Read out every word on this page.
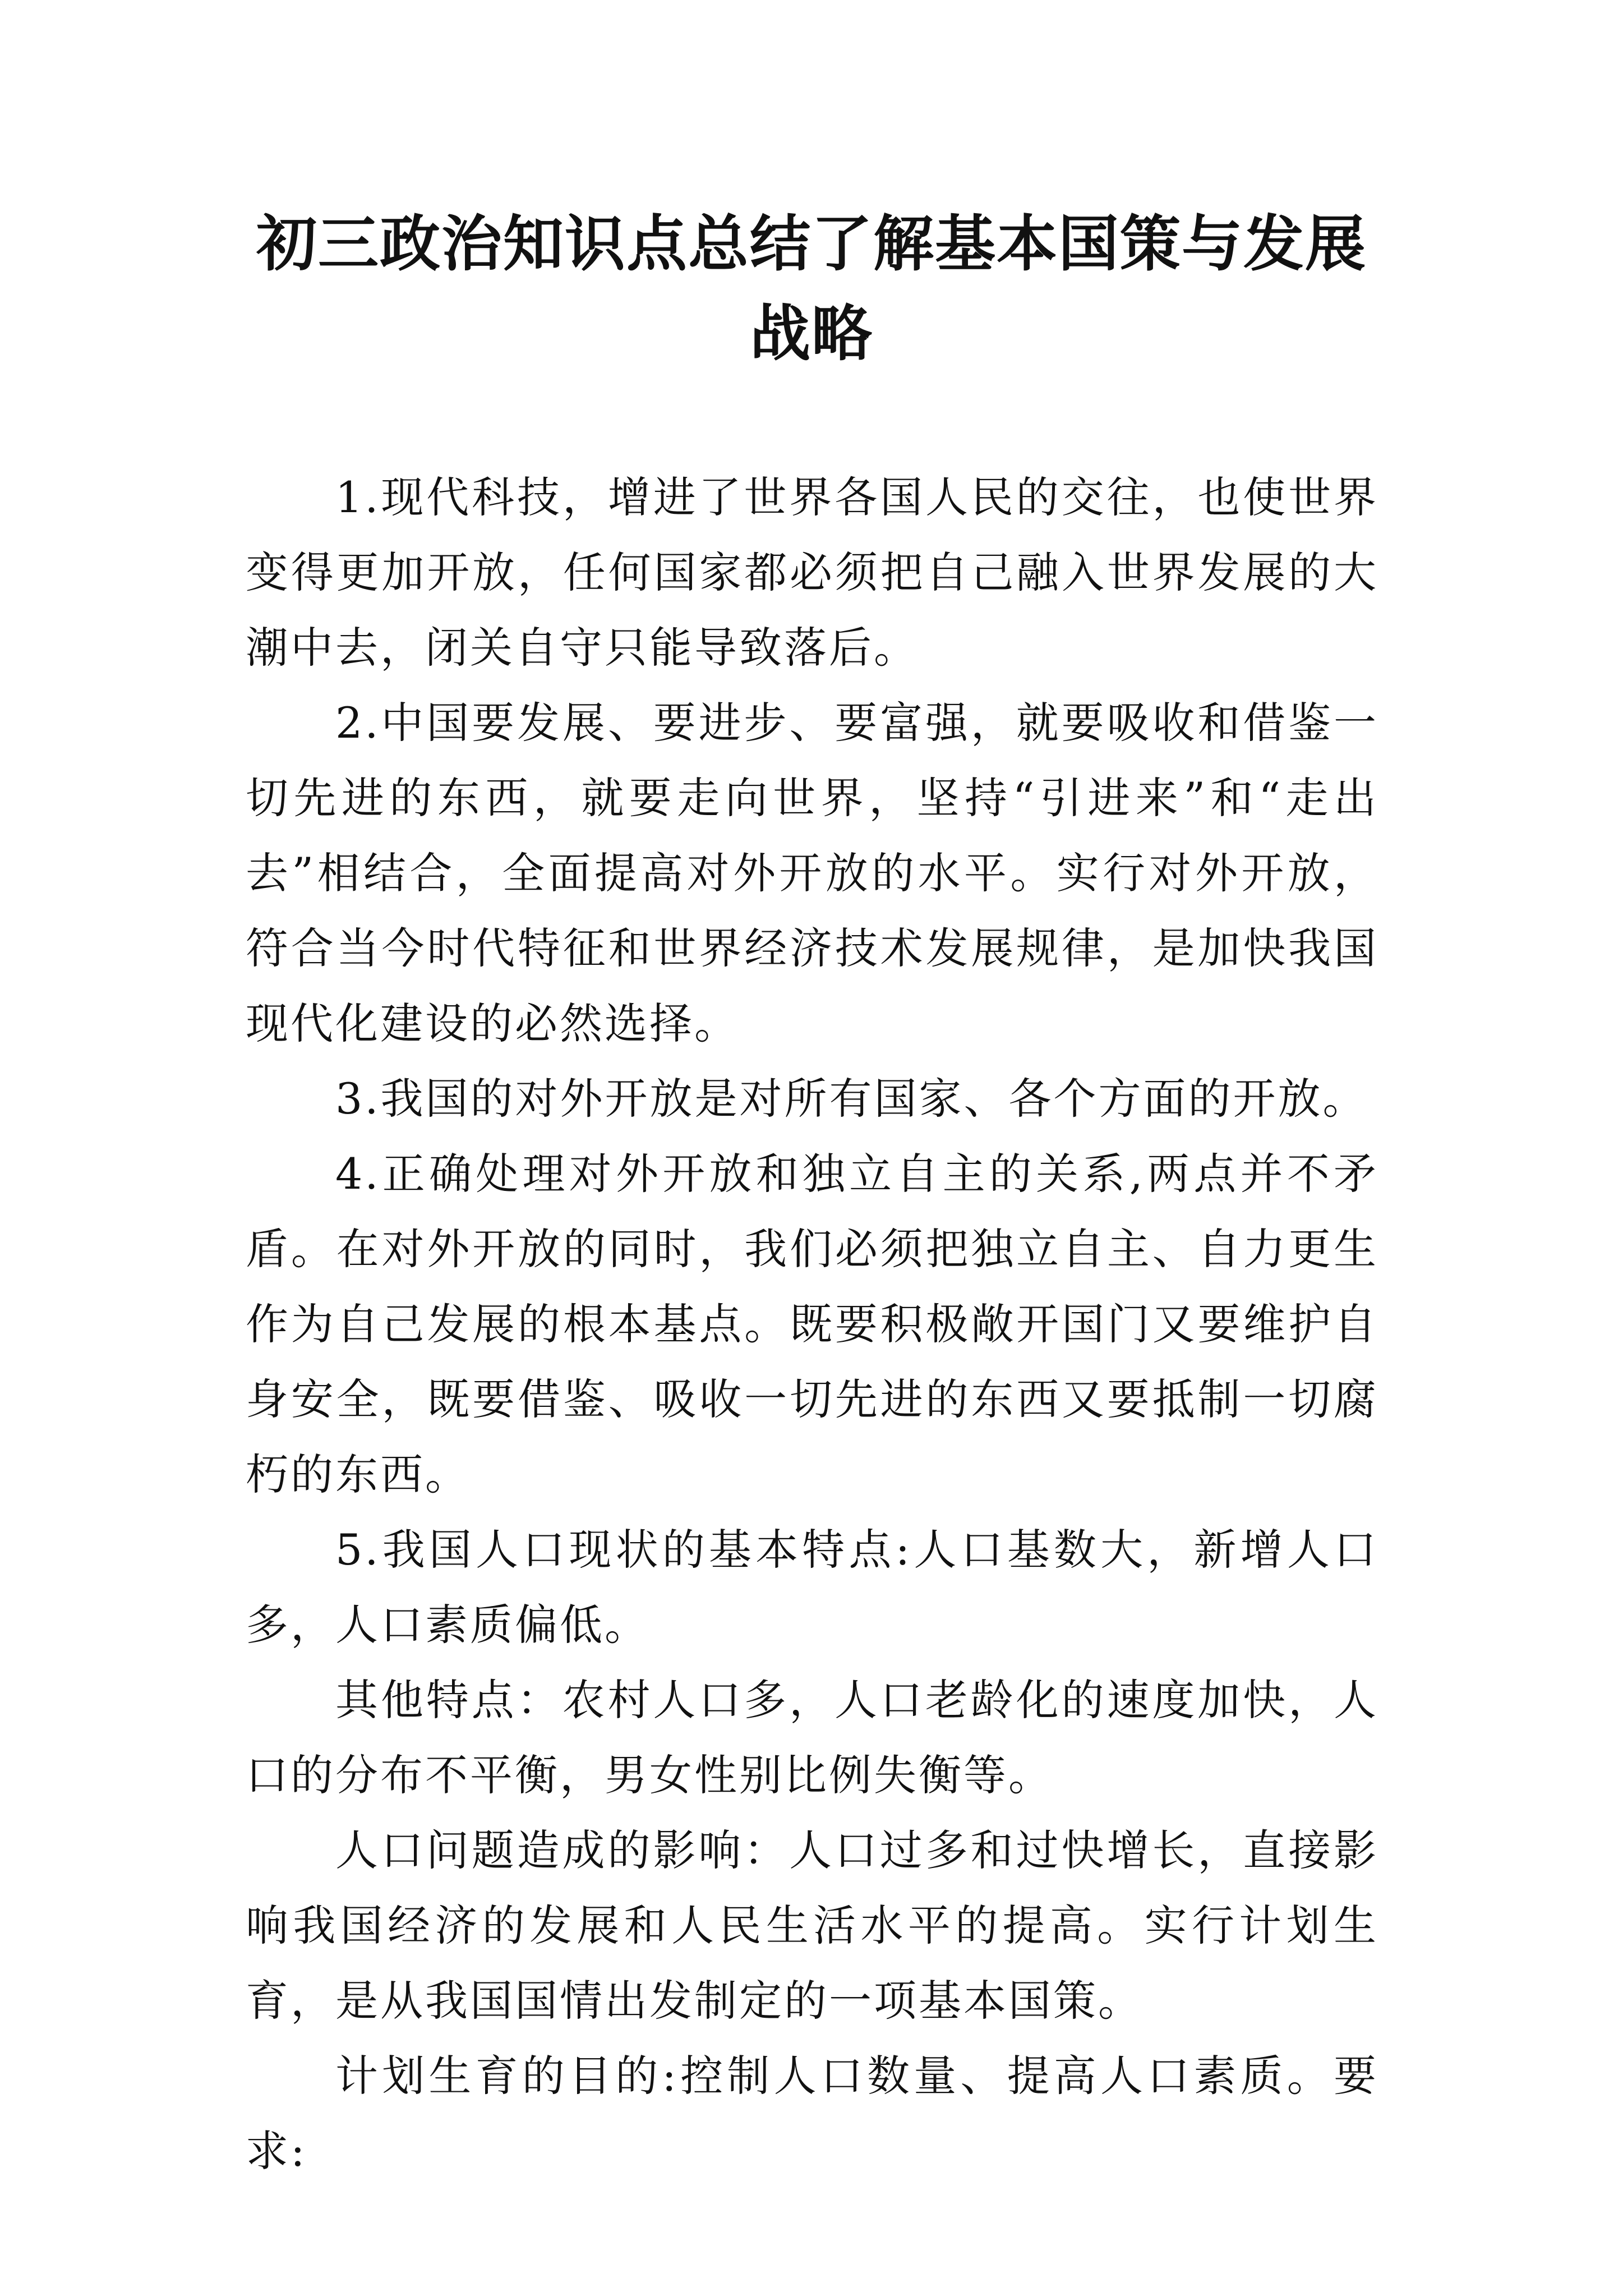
初三政治知识点总结了解基本国策与发展
战略

1.现代科技，增进了世界各国人民的交往，也使世界变得更加开放，任何国家都必须把自己融入世界发展的大潮中去，闭关自守只能导致落后。

2.中国要发展、要进步、要富强，就要吸收和借鉴一切先进的东西，就要走向世界，坚持“引进来”和“走出去”相结合，全面提高对外开放的水平。实行对外开放，符合当今时代特征和世界经济技术发展规律，是加快我国现代化建设的必然选择。

3.我国的对外开放是对所有国家、各个方面的开放。

4.正确处理对外开放和独立自主的关系,两点并不矛盾。在对外开放的同时，我们必须把独立自主、自力更生作为自己发展的根本基点。既要积极敞开国门又要维护自身安全，既要借鉴、吸收一切先进的东西又要抵制一切腐朽的东西。

5.我国人口现状的基本特点:人口基数大，新增人口多，人口素质偏低。

其他特点：农村人口多，人口老龄化的速度加快，人口的分布不平衡，男女性别比例失衡等。

人口问题造成的影响：人口过多和过快增长，直接影响我国经济的发展和人民生活水平的提高。实行计划生育，是从我国国情出发制定的一项基本国策。

计划生育的目的:控制人口数量、提高人口素质。要求:
